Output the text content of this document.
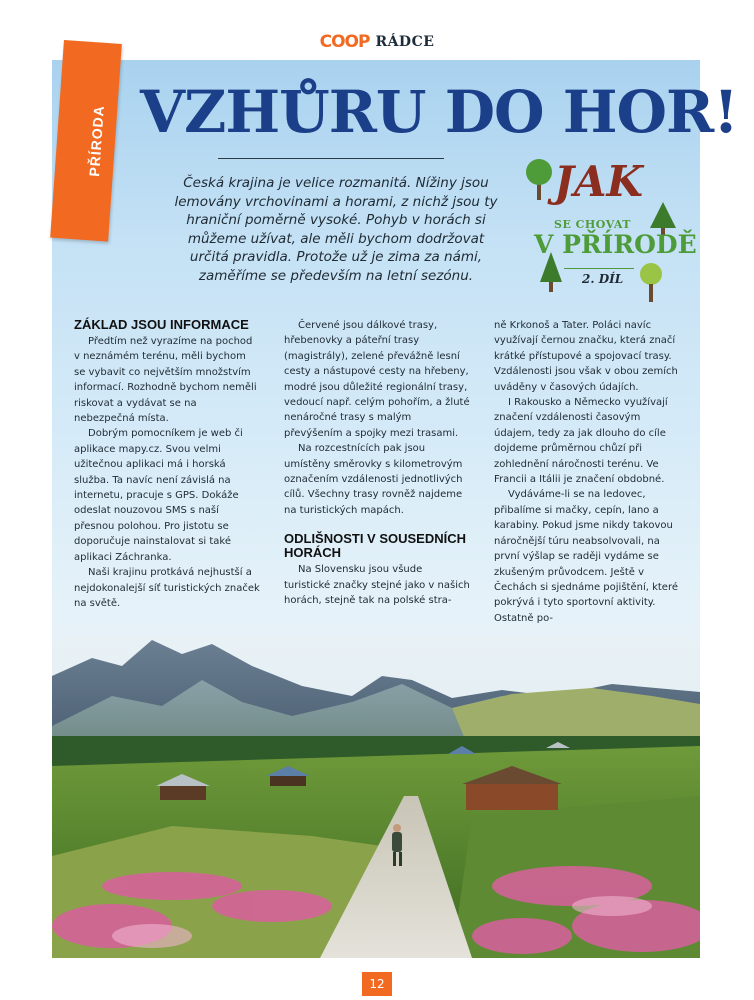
COOP RÁDCE
PŘÍRODA VZHŮRU DO HOR!

Česká krajina je velice rozmanitá. Nížiny jsou lemovány vrchovinami a horami, z nichž jsou ty hraniční poměrně vysoké. Pohyb v horách si můžeme užívat, ale měli bychom dodržovat určitá pravidla. Protože už je zima za námi, zaměříme se především na letní sezónu.

JAK
SE CHOVAT
V PŘÍRODĚ
2. DÍL
ZÁKLAD JSOU INFORMACE

Předtím než vyrazíme na pochod v neznámém terénu, měli bychom se vybavit co největším množstvím informací. Rozhodně bychom neměli riskovat a vydávat se na nebezpečná místa.

Dobrým pomocníkem je web či aplikace mapy.cz. Svou velmi užitečnou aplikaci má i horská služba. Ta navíc není závislá na internetu, pracuje s GPS. Dokáže odeslat nouzovou SMS s naší přesnou polohou. Pro jistotu se doporučuje nainstalovat si také aplikaci Záchranka.

Naši krajinu protkává nejhustší a nejdokonalejší síť turistických značek na světě.

Červené jsou dálkové trasy, hřebenovky a páteřní trasy (magistrály), zelené převážně lesní cesty a nástupové cesty na hřebeny, modré jsou důležité regionální trasy, vedoucí např. celým pohořím, a žluté nenáročné trasy s malým převýšením a spojky mezi trasami.

Na rozcestnících pak jsou umístěny směrovky s kilometrovým označením vzdálenosti jednotlivých cílů. Všechny trasy rovněž najdeme na turistických mapách.

ODLIŠNOSTI V SOUSEDNÍCH HORÁCH

Na Slovensku jsou všude turistické značky stejné jako v našich horách, stejně tak na polské stra-

ně Krkonoš a Tater. Poláci navíc využívají černou značku, která značí krátké přístupové a spojovací trasy. Vzdálenosti jsou však v obou zemích uváděny v časových údajích.

I Rakousko a Německo využívají značení vzdálenosti časovým údajem, tedy za jak dlouho do cíle dojdeme průměrnou chůzí při zohlednění náročnosti terénu. Ve Francii a Itálii je značení obdobné.

Vydáváme-li se na ledovec, přibalíme si mačky, cepín, lano a karabiny. Pokud jsme nikdy takovou náročnější túru neabsolvovali, na první výšlap se raději vydáme se zkušeným průvodcem. Ještě v Čechách si sjednáme pojištění, které pokrývá i tyto sportovní aktivity. Ostatně po-

12
